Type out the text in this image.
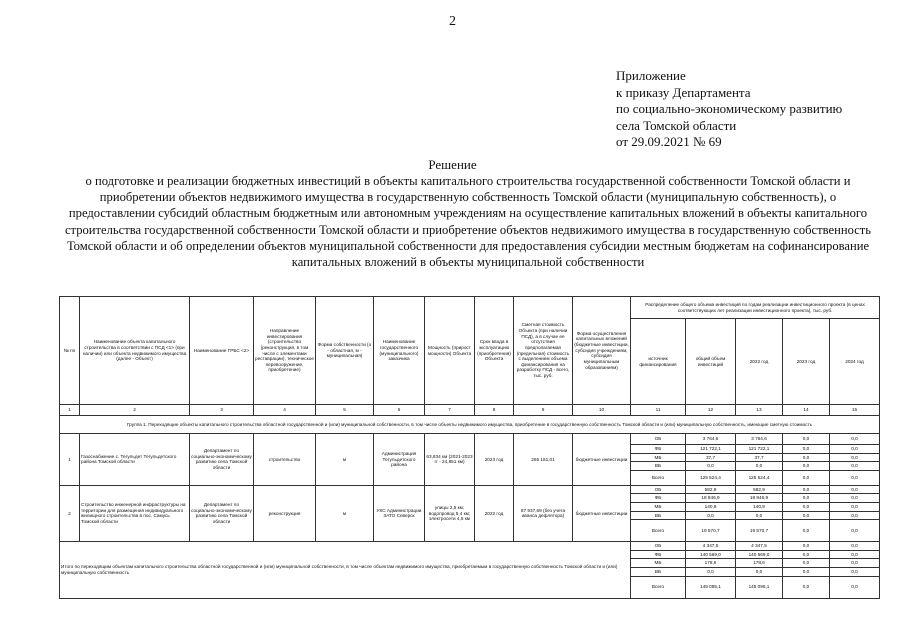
2
Приложение
к приказу Департамента
по социально-экономическому развитию
села Томской области
от 29.09.2021 № 69
Решение
о подготовке и реализации бюджетных инвестиций в объекты капитального строительства государственной собственности Томской области и приобретении объектов недвижимого имущества в государственную собственность Томской области (муниципальную собственность), о предоставлении субсидий областным бюджетным или автономным учреждениям на осуществление капитальных вложений в объекты капитального строительства государственной собственности Томской области и приобретение объектов недвижимого имущества в государственную собственность Томской области и об определении объектов муниципальной собственности для предоставления субсидии местным бюджетам на софинансирование капитальных вложений в объекты муниципальной собственности
№ пп	Наименование объекта капитального строительства в соответствии с ПСД <1> (при наличии) или объекта недвижимого имущества (далее - Объект)	Наименование ГРБС <2>	Направление инвестирования (строительство (реконструкция, в том числе с элементами реставрации), техническое перевооружение, приобретение)	Форма собственности (о - областная, м - муниципальная)	Наименование государственного (муниципального) заказчика	Мощность (прирост мощности) Объекта	Срок ввода в эксплуатацию (приобретения) Объекта	Сметная стоимость Объекта (при наличии ПСД), а в случае ее отсутствия предполагаемая (предельная) стоимость с выделением объема финансирования на разработку ПСД - всего, тыс. руб.	Форма осуществления капитальных вложений (бюджетные инвестиции, субсидия учреждениям, субсидия муниципальным образованиям)	Распределение общего объема инвестиций по годам реализации инвестиционного проекта (в ценах соответствующих лет реализации инвестиционного проекта), тыс. руб.				
										источник финансирования	общий объем инвестиций	2022 год	2023 год	2024 год
1	2	3	4	5	6	7	8	9	10	11	12	13	14	15
Группа 1. Переходящие объекты капитального строительства областной государственной и (или) муниципальной собственности, в том числе объекты недвижимого имущества, приобретение в государственную собственность Томской области и (или) муниципальную собственность, имеющие сметную стоимость														
1	Газоснабжение с. Тегульдет Тегульдетского района Томской области	Департамент по социально-экономическому развитию села Томской области	строительство	м	Администрация Тегульдетского района	63,834 км (2021-2023 гг - 24,851 км)	2023 год	265 181,01	бюджетные инвестиции	ОБ	3 764,6	3 764,6	0,0	0,0
										ФБ	121 722,1	121 722,1	0,0	0,0
										МБ	37,7	37,7	0,0	0,0
										ВБ	0,0	0,0	0,0	0,0
										Всего	125 524,4	125 524,4	0,0	0,0
2	Строительство инженерной инфраструктуры на территории для размещения индивидуального жилищного строительства в пос. Самусь Томской области	Департамент по социально-экономическому развитию села Томской области	реконструкция	м	УКС Администрации ЗАТО Северск	улицы 2,5 км; водопровод 5,4 км; электросети 4,5 км	2022 год	87 937,69 (без учета аванса дефлятора)	бюджетные инвестиции	ОБ	582,9	582,9	0,0	0,0
										ФБ	18 846,9	18 846,9	0,0	0,0
										МБ	140,9	140,9	0,0	0,0
										ВБ	0,0	0,0	0,0	0,0
										Всего	19 570,7	19 570,7	0,0	0,0
Итого по переходящим объектам капитального строительства областной государственной и (или) муниципальной собственности, в том числе объектам недвижимого имущества, приобретаемым в государственную собственность Томской области и (или) муниципальную собственность										ОБ	4 347,5	4 347,5	0,0	0,0
										ФБ	140 569,0	140 569,0	0,0	0,0
										МБ	178,6	178,6	0,0	0,0
										ВБ	0,0	0,0	0,0	0,0
										Всего	145 095,1	145 095,1	0,0	0,0
